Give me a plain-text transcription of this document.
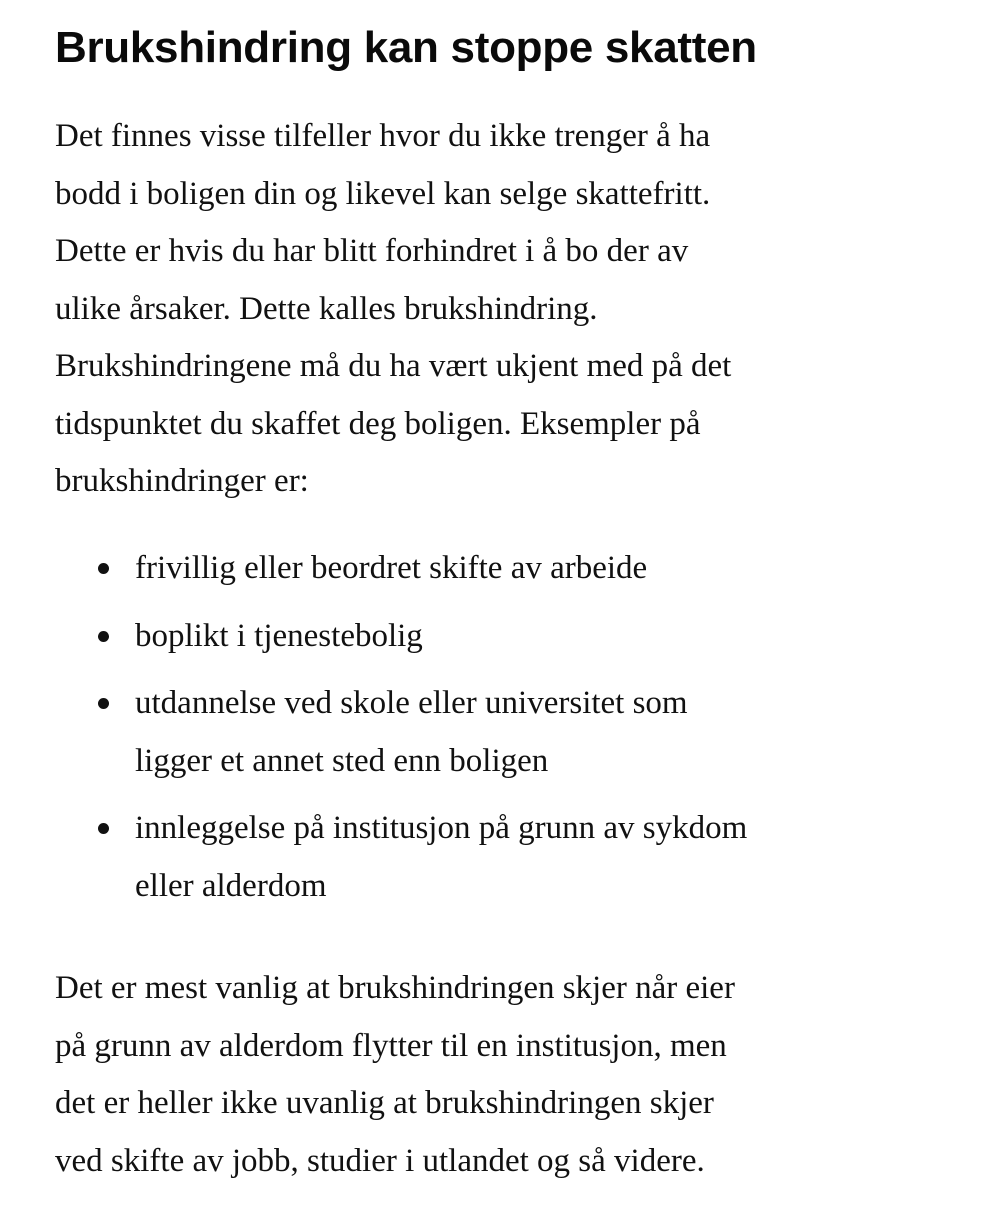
Brukshindring kan stoppe skatten

Det finnes visse tilfeller hvor du ikke trenger å ha
bodd i boligen din og likevel kan selge skattefritt.
Dette er hvis du har blitt forhindret i å bo der av
ulike årsaker. Dette kalles brukshindring.
Brukshindringene må du ha vært ukjent med på det
tidspunktet du skaffet deg boligen. Eksempler på
brukshindringer er:

frivillig eller beordret skifte av arbeide
boplikt i tjenestebolig
utdannelse ved skole eller universitet som
ligger et annet sted enn boligen
innleggelse på institusjon på grunn av sykdom
eller alderdom

Det er mest vanlig at brukshindringen skjer når eier
på grunn av alderdom flytter til en institusjon, men
det er heller ikke uvanlig at brukshindringen skjer
ved skifte av jobb, studier i utlandet og så videre.
